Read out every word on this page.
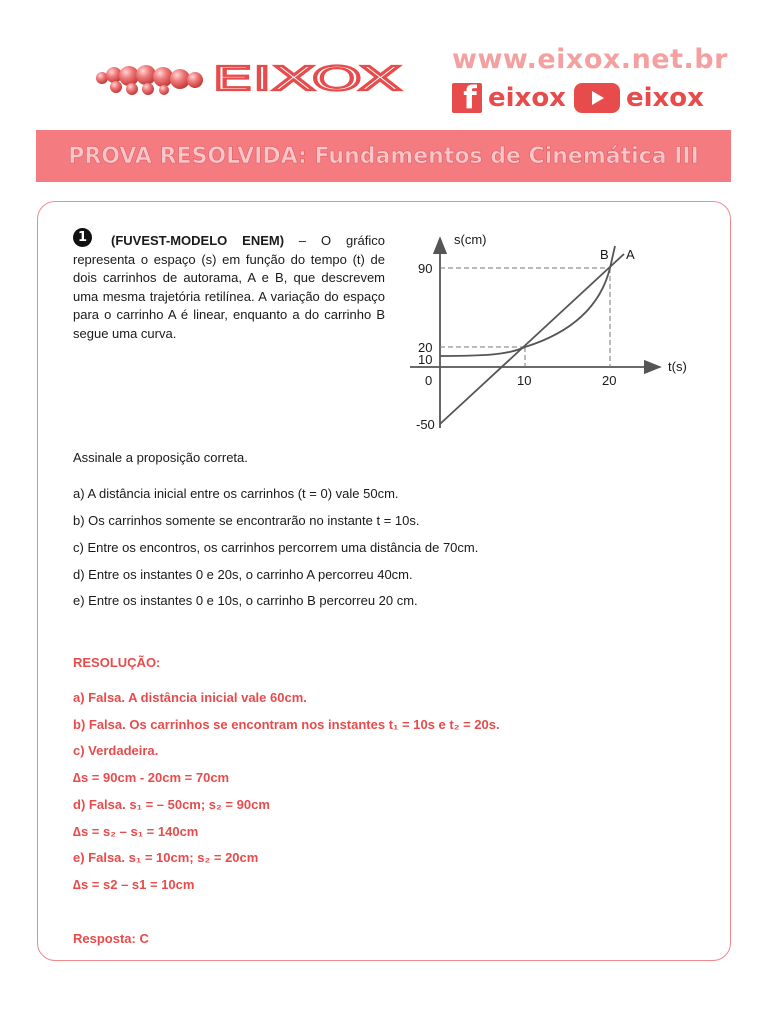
EIXOX www.eixox.net.br
f eixox eixox
PROVA RESOLVIDA: Fundamentos de Cinemática III
1	(FUVEST-MODELO ENEM) – O gráfico representa o espaço (s) em função do tempo (t) de dois carrinhos de autorama, A e B, que descrevem uma mesma trajetória retilínea. A variação do espaço para o carrinho A é linear, enquanto a do carrinho B segue uma curva.
s(cm)
t(s)
B A
90
20
10
0
-50
10	20
Assinale a proposição correta.
a) A distância inicial entre os carrinhos (t = 0) vale 50cm.
b) Os carrinhos somente se encontrarão no instante t = 10s.
c) Entre os encontros, os carrinhos percorrem uma distância de 70cm.
d) Entre os instantes 0 e 20s, o carrinho A percorreu 40cm.
e) Entre os instantes 0 e 10s, o carrinho B percorreu 20 cm.
RESOLUÇÃO:
a) Falsa. A distância inicial vale 60cm.
b) Falsa. Os carrinhos se encontram nos instantes t₁ = 10s e t₂ = 20s.
c) Verdadeira.
∆s = 90cm - 20cm = 70cm
d) Falsa. s₁ = – 50cm; s₂ = 90cm
∆s = s₂ – s₁ = 140cm
e) Falsa. s₁ = 10cm; s₂ = 20cm
∆s = s2 – s1 = 10cm
Resposta: C
